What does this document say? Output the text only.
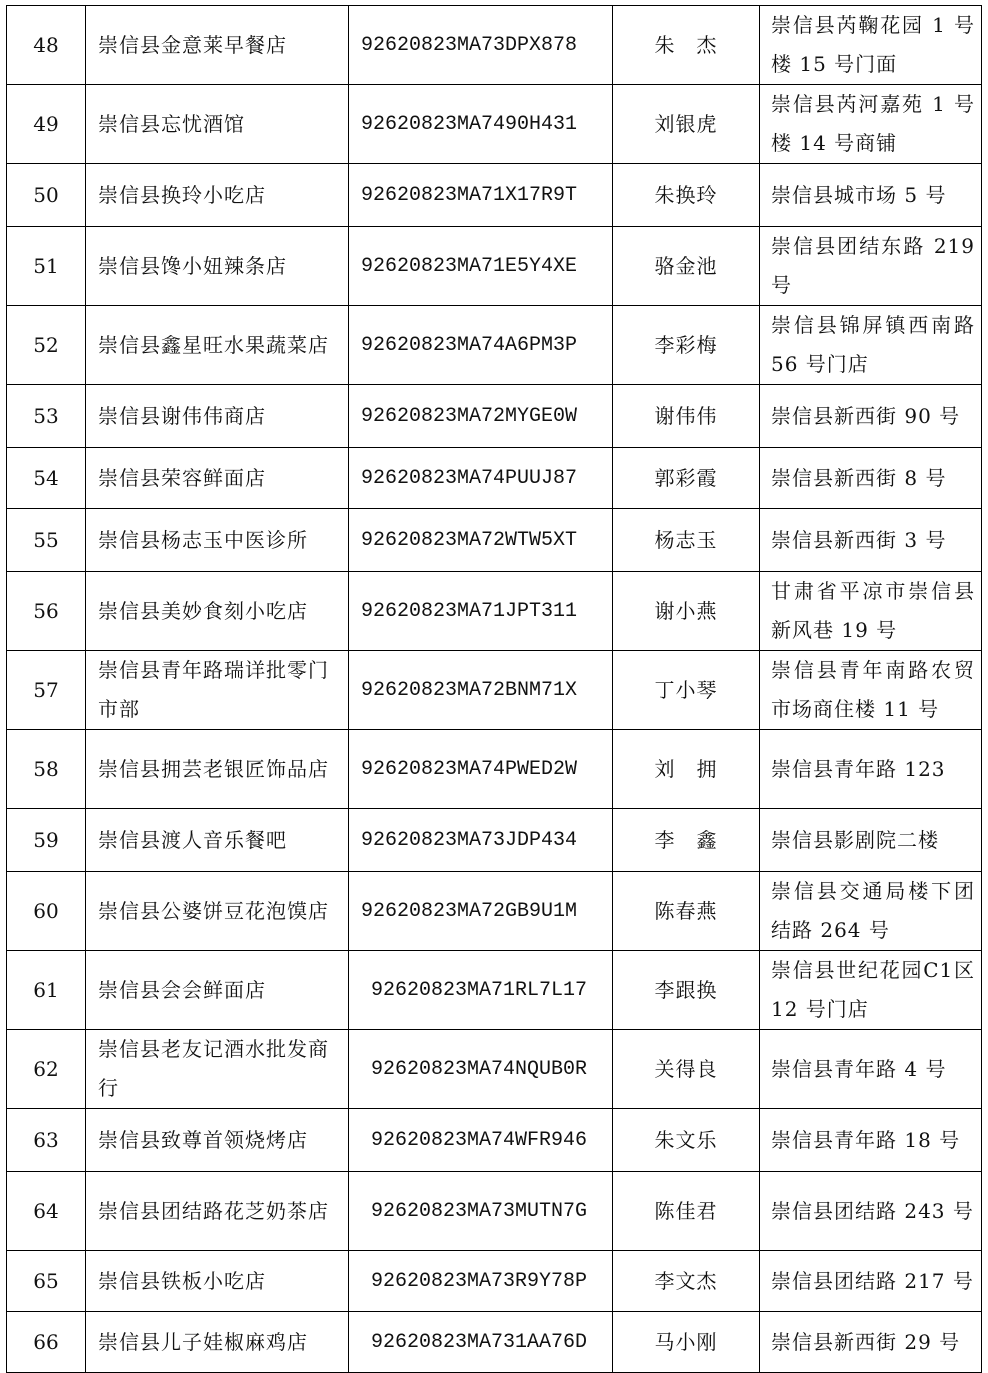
48	崇信县金意莱早餐店	92620823MA73DPX878	朱　杰	崇信县芮鞠花园 1 号楼 15 号门面

49	崇信县忘忧酒馆	92620823MA7490H431	刘银虎	崇信县芮河嘉苑 1 号楼 14 号商铺

50	崇信县换玲小吃店	92620823MA71X17R9T	朱换玲	崇信县城市场 5 号

51	崇信县馋小妞辣条店	92620823MA71E5Y4XE	骆金池	崇信县团结东路 219 号

52	崇信县鑫星旺水果蔬菜店	92620823MA74A6PM3P	李彩梅	崇信县锦屏镇西南路 56 号门店

53	崇信县谢伟伟商店	92620823MA72MYGE0W	谢伟伟	崇信县新西街 90 号

54	崇信县荣容鲜面店	92620823MA74PUUJ87	郭彩霞	崇信县新西街 8 号

55	崇信县杨志玉中医诊所	92620823MA72WTW5XT	杨志玉	崇信县新西街 3 号

56	崇信县美妙食刻小吃店	92620823MA71JPT311	谢小燕	甘肃省平凉市崇信县新风巷 19 号

57	崇信县青年路瑞详批零门市部	92620823MA72BNM71X	丁小琴	崇信县青年南路农贸市场商住楼 11 号

58	崇信县拥芸老银匠饰品店	92620823MA74PWED2W	刘　拥	崇信县青年路 123

59	崇信县渡人音乐餐吧	92620823MA73JDP434	李　鑫	崇信县影剧院二楼

60	崇信县公婆饼豆花泡馍店	92620823MA72GB9U1M	陈春燕	崇信县交通局楼下团结路 264 号

61	崇信县会会鲜面店	92620823MA71RL7L17	李跟换	崇信县世纪花园C1区 12 号门店

62	崇信县老友记酒水批发商行	92620823MA74NQUB0R	关得良	崇信县青年路 4 号

63	崇信县致尊首领烧烤店	92620823MA74WFR946	朱文乐	崇信县青年路 18 号

64	崇信县团结路花芝奶茶店	92620823MA73MUTN7G	陈佳君	崇信县团结路 243 号

65	崇信县铁板小吃店	92620823MA73R9Y78P	李文杰	崇信县团结路 217 号

66	崇信县儿子娃椒麻鸡店	92620823MA731AA76D	马小刚	崇信县新西街 29 号
